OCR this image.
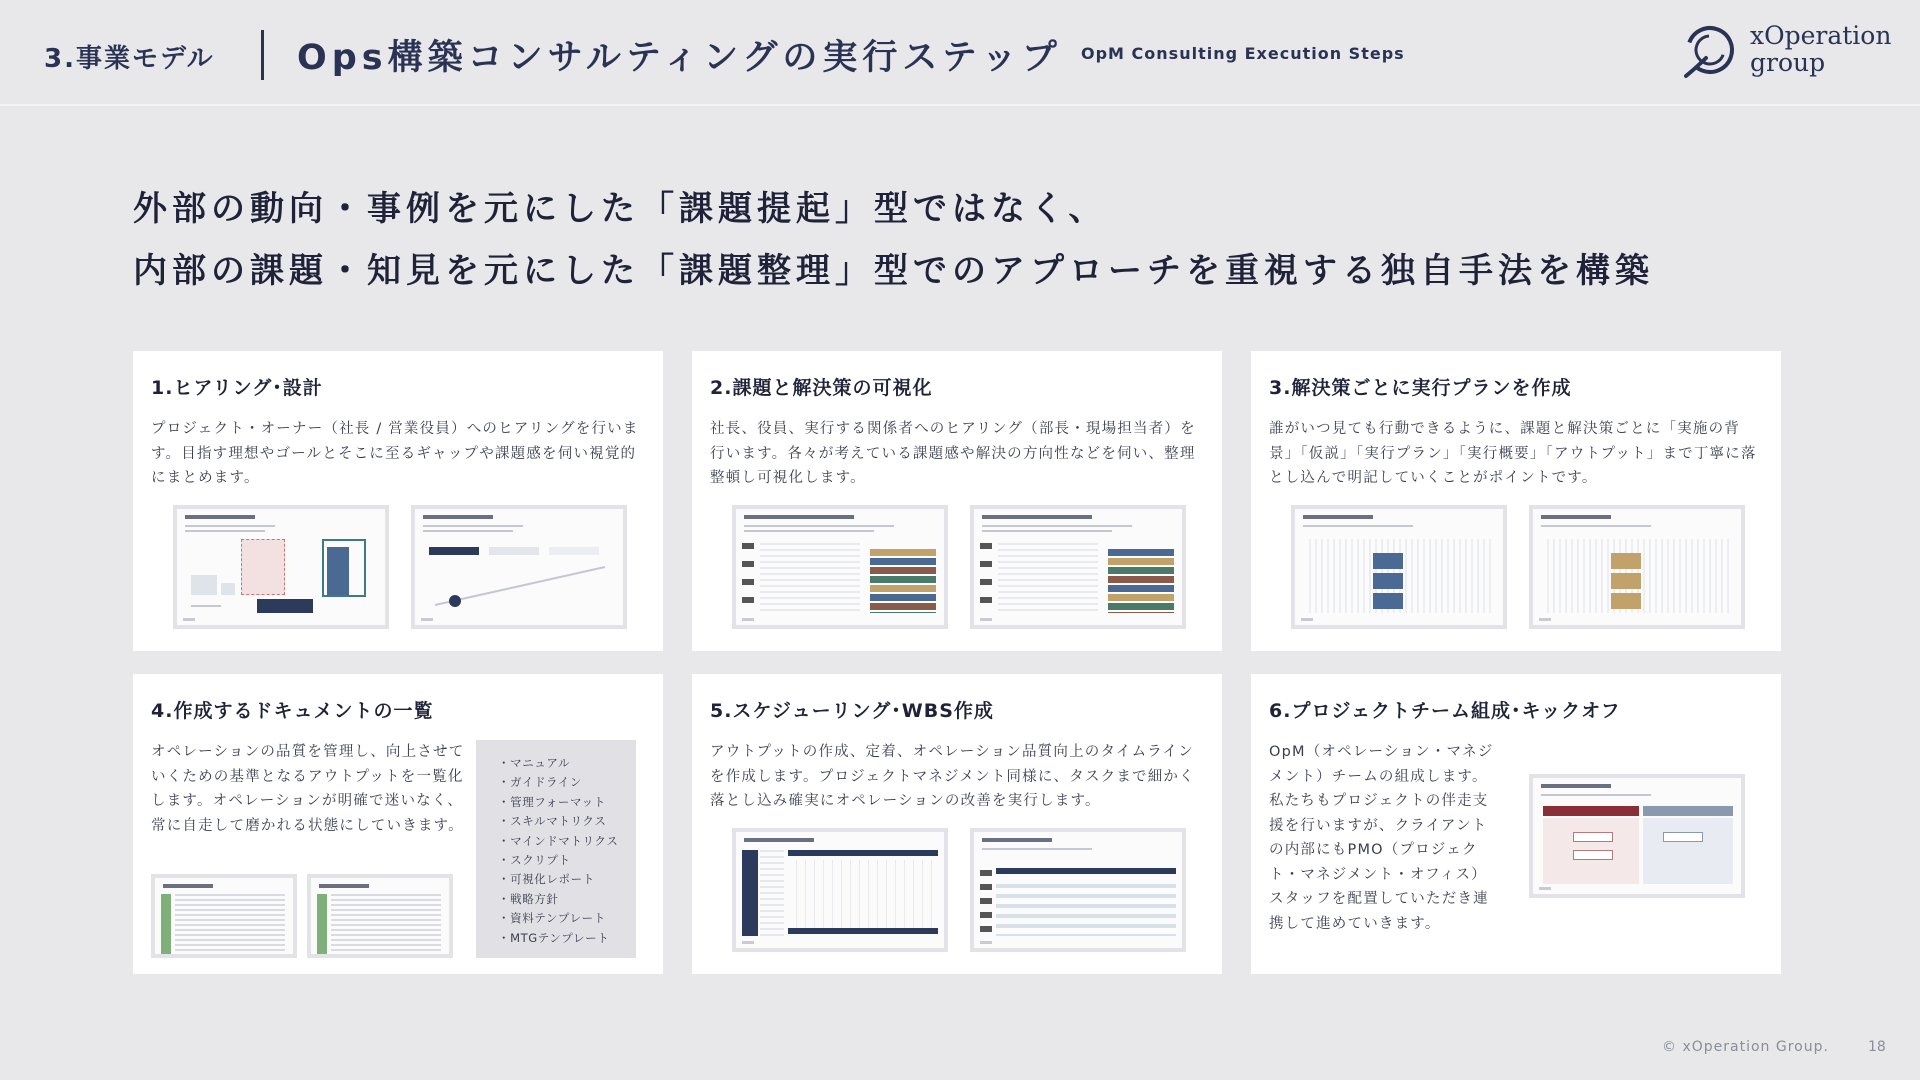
3.事業モデル Ops構築コンサルティングの実行ステップ OpM Consulting Execution Steps
xOperation
group
外部の動向・事例を元にした「課題提起」型ではなく、
内部の課題・知見を元にした「課題整理」型でのアプローチを重視する独自手法を構築
1.ヒアリング･設計
プロジェクト・オーナー（社長 / 営業役員）へのヒアリングを行います。目指す理想やゴールとそこに至るギャップや課題感を伺い視覚的にまとめます。
2.課題と解決策の可視化
社長、役員、実行する関係者へのヒアリング（部長・現場担当者）を行います。各々が考えている課題感や解決の方向性などを伺い、整理整頓し可視化します。
3.解決策ごとに実行プランを作成
誰がいつ見ても行動できるように、課題と解決策ごとに「実施の背景」「仮説」「実行プラン」「実行概要」「アウトプット」まで丁寧に落とし込んで明記していくことがポイントです。
4.作成するドキュメントの一覧
オペレーションの品質を管理し、向上させていくための基準となるアウトプットを一覧化します。オペレーションが明確で迷いなく、常に自走して磨かれる状態にしていきます。
・マニュアル
・ガイドライン
・管理フォーマット
・スキルマトリクス
・マインドマトリクス
・スクリプト
・可視化レポート
・戦略方針
・資料テンプレート
・MTGテンプレート
5.スケジューリング･WBS作成
アウトプットの作成、定着、オペレーション品質向上のタイムラインを作成します。プロジェクトマネジメント同様に、タスクまで細かく落とし込み確実にオペレーションの改善を実行します。
6.プロジェクトチーム組成･キックオフ
OpM（オペレーション・マネジメント）チームの組成します。私たちもプロジェクトの伴走支援を行いますが、クライアントの内部にもPMO（プロジェクト・マネジメント・オフィス）スタッフを配置していただき連携して進めていきます。
© xOperation Group.	18
